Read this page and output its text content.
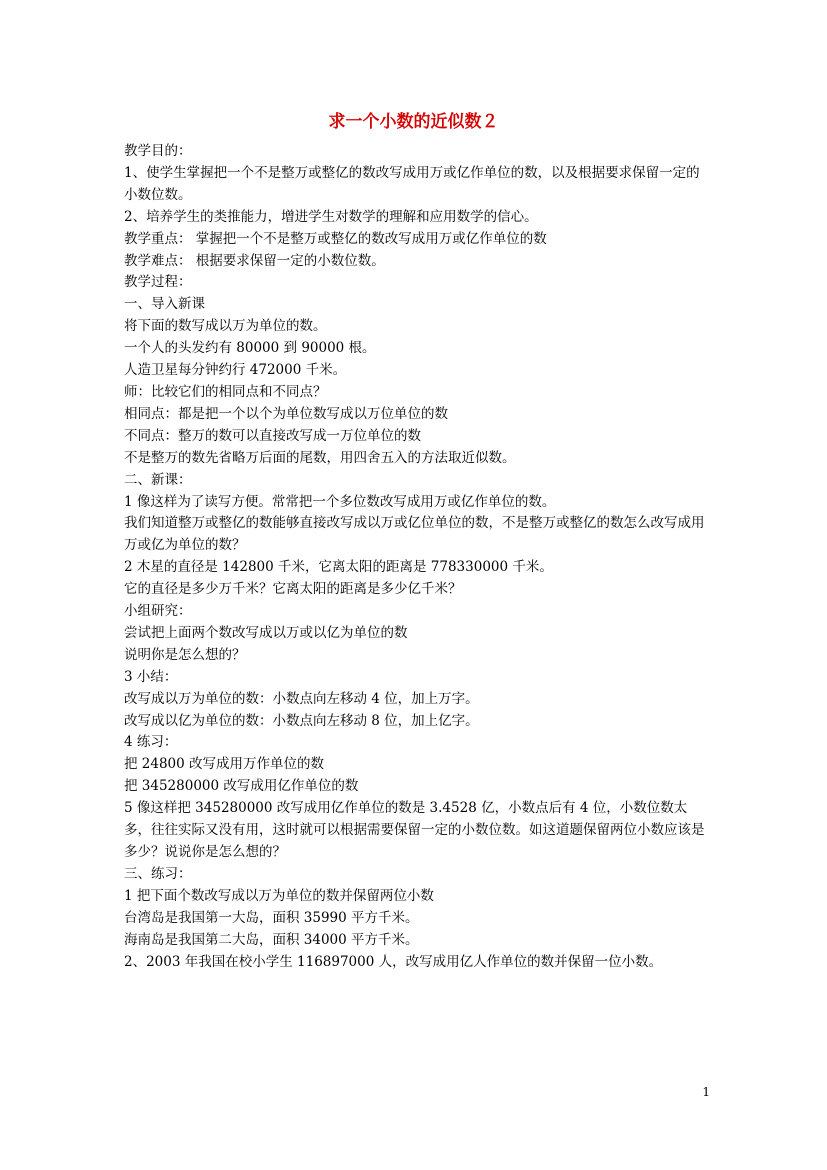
求一个小数的近似数２

教学目的：

1、使学生掌握把一个不是整万或整亿的数改写成用万或亿作单位的数，以及根据要求保留一定的小数位数。

2、培养学生的类推能力，增进学生对数学的理解和应用数学的信心。

教学重点： 掌握把一个不是整万或整亿的数改写成用万或亿作单位的数

教学难点： 根据要求保留一定的小数位数。

教学过程：

一、导入新课

将下面的数写成以万为单位的数。

一个人的头发约有 80000 到 90000 根。

人造卫星每分钟约行 472000 千米。

师：比较它们的相同点和不同点？

相同点：都是把一个以个为单位数写成以万位单位的数

不同点：整万的数可以直接改写成一万位单位的数

不是整万的数先省略万后面的尾数，用四舍五入的方法取近似数。

二、新课：

1 像这样为了读写方便。常常把一个多位数改写成用万或亿作单位的数。

我们知道整万或整亿的数能够直接改写成以万或亿位单位的数，不是整万或整亿的数怎么改写成用万或亿为单位的数？

2 木星的直径是 142800 千米，它离太阳的距离是 778330000 千米。

它的直径是多少万千米？它离太阳的距离是多少亿千米？

小组研究：

尝试把上面两个数改写成以万或以亿为单位的数

说明你是怎么想的？

3 小结：

改写成以万为单位的数：小数点向左移动 4 位，加上万字。

改写成以亿为单位的数：小数点向左移动 8 位，加上亿字。

4 练习：

把 24800 改写成用万作单位的数

把 345280000 改写成用亿作单位的数

5 像这样把 345280000 改写成用亿作单位的数是 3.4528 亿，小数点后有 4 位，小数位数太多，往往实际又没有用，这时就可以根据需要保留一定的小数位数。如这道题保留两位小数应该是多少？说说你是怎么想的？

三、练习：

1 把下面个数改写成以万为单位的数并保留两位小数

台湾岛是我国第一大岛，面积 35990 平方千米。

海南岛是我国第二大岛，面积 34000 平方千米。

2、2003 年我国在校小学生 116897000 人，改写成用亿人作单位的数并保留一位小数。

1
